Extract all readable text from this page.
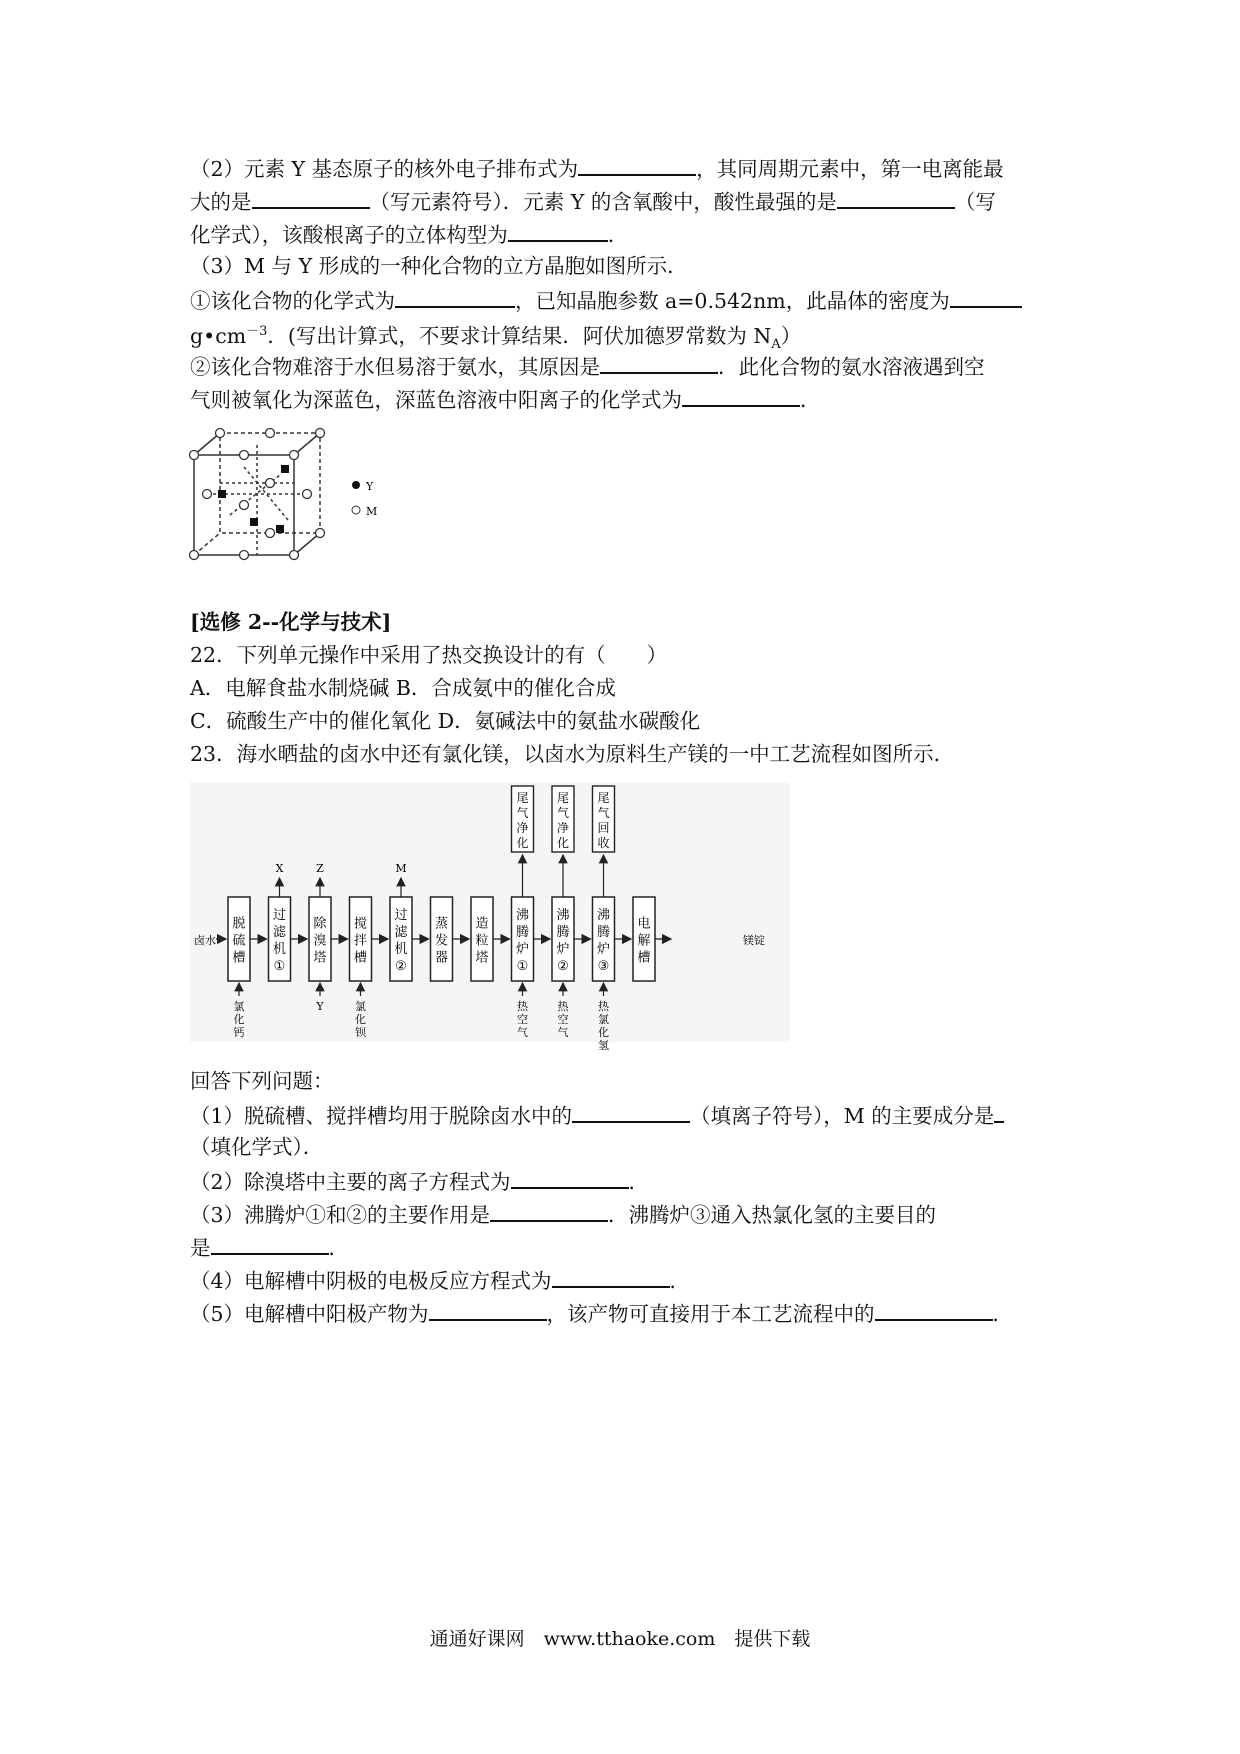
（2）元素 Y 基态原子的核外电子排布式为	，其同周期元素中，第一电离能最
大的是	（写元素符号）．元素 Y 的含氧酸中，酸性最强的是	（写
化学式），该酸根离子的立体构型为	．
（3）M 与 Y 形成的一种化合物的立方晶胞如图所示．
①该化合物的化学式为	，已知晶胞参数 a=0.542nm，此晶体的密度为
$g•cm^{-3}$．(写出计算式，不要求计算结果．阿伏加德罗常数为 $N_A$）
②该化合物难溶于水但易溶于氨水，其原因是	．此化合物的氨水溶液遇到空
气则被氧化为深蓝色，深蓝色溶液中阳离子的化学式为	．
Y
M
[选修 2--化学与技术]
22．下列单元操作中采用了热交换设计的有（　　）
A．电解食盐水制烧碱 B．合成氨中的催化合成
C．硫酸生产中的催化氧化 D．氨碱法中的氨盐水碳酸化
23．海水晒盐的卤水中还有氯化镁，以卤水为原料生产镁的一中工艺流程如图所示．
卤水	镁锭
脱硫槽
过滤机 ①
除溴塔
搅拌槽
过滤机 ②
蒸发器
造粒塔
沸腾炉 ①
沸腾炉 ②
沸腾炉 ③
电解槽
X	Z	M
尾气净化
尾气净化
尾气回收
氯化钙
Y	氯化钡
热空气
热空气
热氯化氢
回答下列问题：
（1）脱硫槽、搅拌槽均用于脱除卤水中的	（填离子符号），M 的主要成分是
（填化学式）．
（2）除溴塔中主要的离子方程式为	．
（3）沸腾炉①和②的主要作用是	．沸腾炉③通入热氯化氢的主要目的
是	．
（4）电解槽中阴极的电极反应方程式为	．
（5）电解槽中阳极产物为	，该产物可直接用于本工艺流程中的	．
通通好课网　www.tthaoke.com　提供下载
